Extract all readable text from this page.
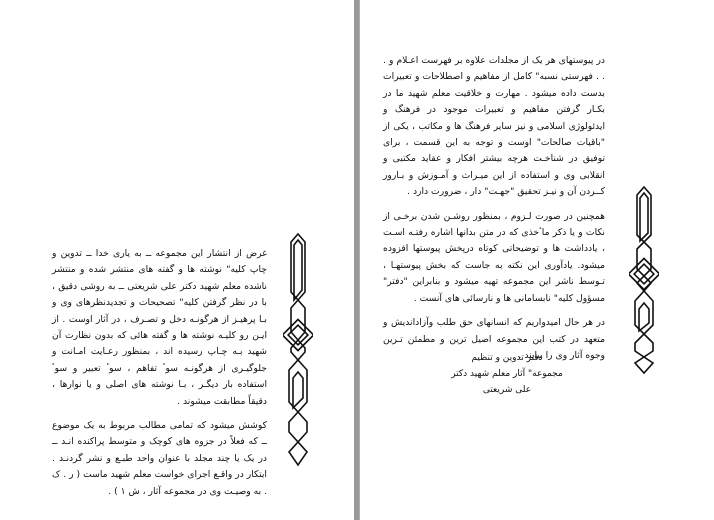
غرض از انتشار این مجموعه ــ به یاری خدا ــ تدوین و چاپ کلیه" نوشته ها و گفته های منتشر شده و منتشر ناشده معلم شهید دکتر علی شریعتی ــ به روشی دقیق ، با در نظر گرفتن کلیه" تصحیحات و تجدیدنظرهای وی و بـا پرهیـز از هرگونـه دخل و تصـرف ، در آثار اوست . از ایـن رو کلیـه نوشته ها و گفته هائی که بدون نظارت آن شهید بـه چـاپ رسیده اند ، بمنظور رعـایت امـانت و جلوگیـری از هرگونـه سوٴ تفاهم ، سوٴ تعبیر و سوٴ استفاده بار دیگـر ، بـا نوشته های اصلی و یا نوارها ، دقیقاً مطابقت میشوند .

کوشش میشود که تمامی مطالب مربوط به یک موضوع ــ که فعلاً در جزوه های کوچک و متوسط پراکنده انـد ــ در یک یا چند مجلد با عنوان واحد طبـع و نشر گردنـد . ابتکار در واقـع اجرای خواست معلم شهید ماست ( ر . ک . به وصیـت وی در مجموعه آثار ، ش ۱ ) .

در پیوستهای هر یک از مجلدات علاوه بر فهرست اعـلام و . . . فهرستی نسبه" کامل از مفاهیم و اصطلاحات و تعبیرات بدست داده میشود . مهارت و خلاقیت معلم شهید ما در بکـار گرفتن مفاهیم و تعبیرات موجود در فرهنگ و ایدئولوژی اسلامی و نیز سایر فرهنگ ها و مکاتب ، یکی از "باقیات صالحات" اوست و توجه به این قسمت ، برای توفیق در شناخـت هرچه بیشتر افکار و عقاید مکتبی و انقلابی وی و استفاده از این میـراث و آمـوزش و بـارور کــردن آن و نیـز تحقیق "جهـت" دار ، ضرورت دارد .

همچنین در صورت لـزوم ، بمنظور روشـن شدن برخـی از نکات و یا ذکر ماٴخذی که در متن بدانها اشاره رفتـه اسـت ، یادداشت ها و توضیحاتی کوتاه درپخش پیوستها افزوده میشود. یادآوری این نکته به جاست که بخش پیوستهـا ، تـوسط ناشر این مجموعه تهیه میشود و بنابراین "دفتر" مسؤول کلیه" نابسامانی ها و نارسائی های آنست .

در هر حال امیدواریم که انسانهای حق طلب وآزاداندیش و متعهد در کتب این مجموعه اصیل ترین و مطمئن تـرین وجوه آثار وی را بیابند .

دفتر تدوین و تنظیم
مجموعه" آثار معلم شهید دکتر علی شریعتی
